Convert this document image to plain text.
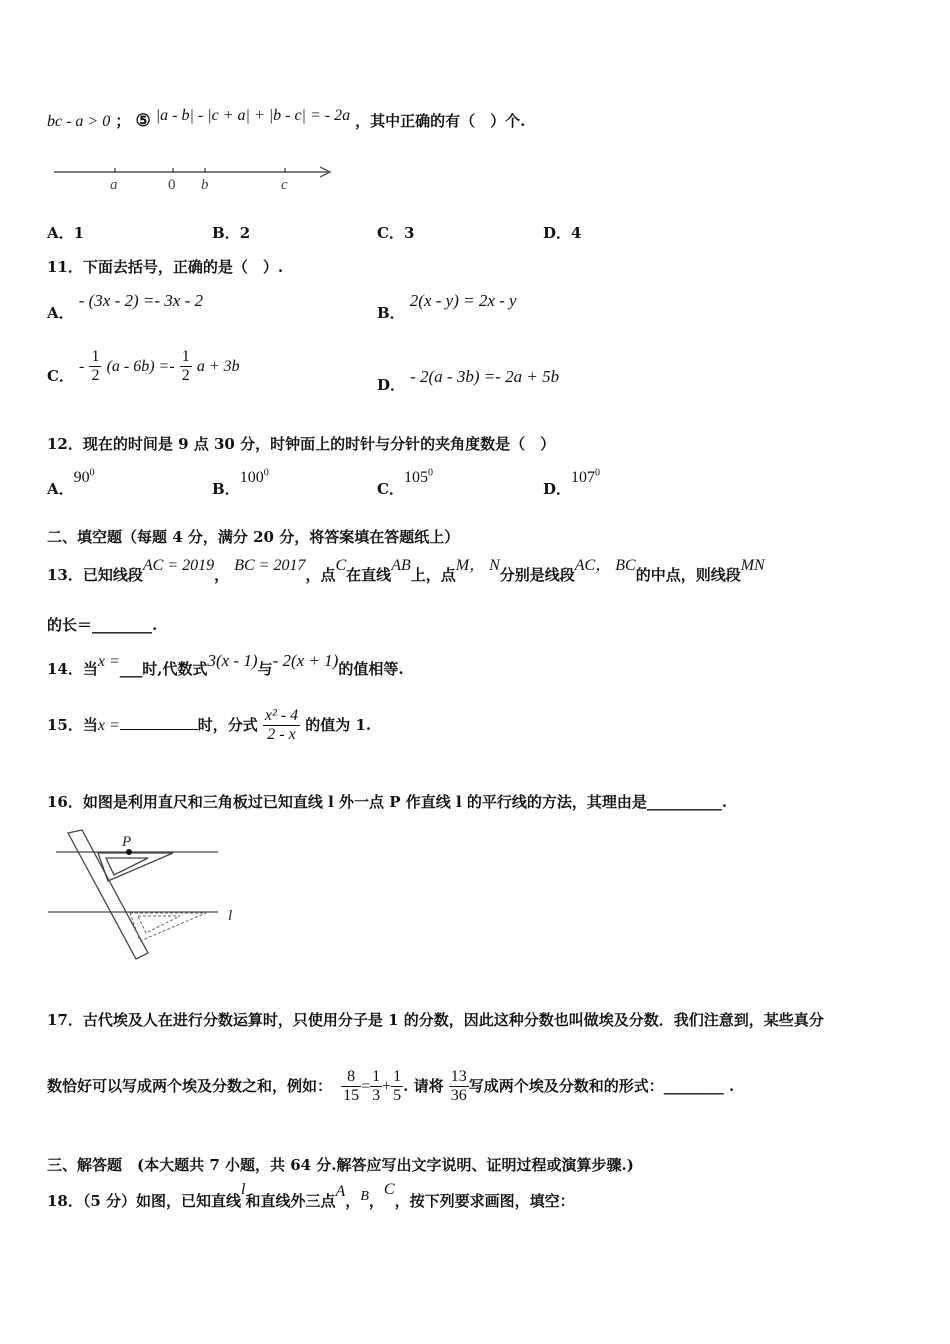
bc - a > 0 ； ⑤ |a - b| - |c + a| + |b - c| = - 2a ，其中正确的有（　）个.
a	0 b	c
A．1	B．2	C．3	D．4
11．下面去括号，正确的是（　）.
A． - (3x - 2) =- 3x - 2
B． 2(x - y) = 2x - y
C． - $\frac{1}{2} (a - 6b) =- \frac{1}{2}$ a + 3b
D． - 2(a - 3b) =- 2a + 5b
12．现在的时间是 9 点 30 分，时钟面上的时针与分针的夹角度数是（　）
A．$90^0$
B．$100^0$
C．$105^0$
D．$107^0$
二、填空题（每题 4 分，满分 20 分，将答案填在答题纸上）
13．已知线段AC = 2019， BC = 2017，点C在直线AB上，点M， N分别是线段AC， BC的中点，则线段MN
的长＝________.
14．当x =___时,代数式3(x - 1)与- 2(x + 1)的值相等.
15．当x =	时，分式 $\frac{\text{x² - 4}}{2 - x}$ 的值为 1.
16．如图是利用直尺和三角板过已知直线 l 外一点 P 作直线 l 的平行线的方法，其理由是__________.
P
l
17．古代埃及人在进行分数运算时，只使用分子是 1 的分数，因此这种分数也叫做埃及分数．我们注意到，某些真分
数恰好可以写成两个埃及分数之和，例如： $\frac{8}{15} = \frac{1}{3} + \frac{1}{5}$ . 请将 $\frac{13}{36}$ 写成两个埃及分数和的形式：________ .
三、解答题　(本大题共 7 小题，共 64 分.解答应写出文字说明、证明过程或演算步骤.)
18．（5 分）如图，已知直线l和直线外三点A，B，C，按下列要求画图，填空：
